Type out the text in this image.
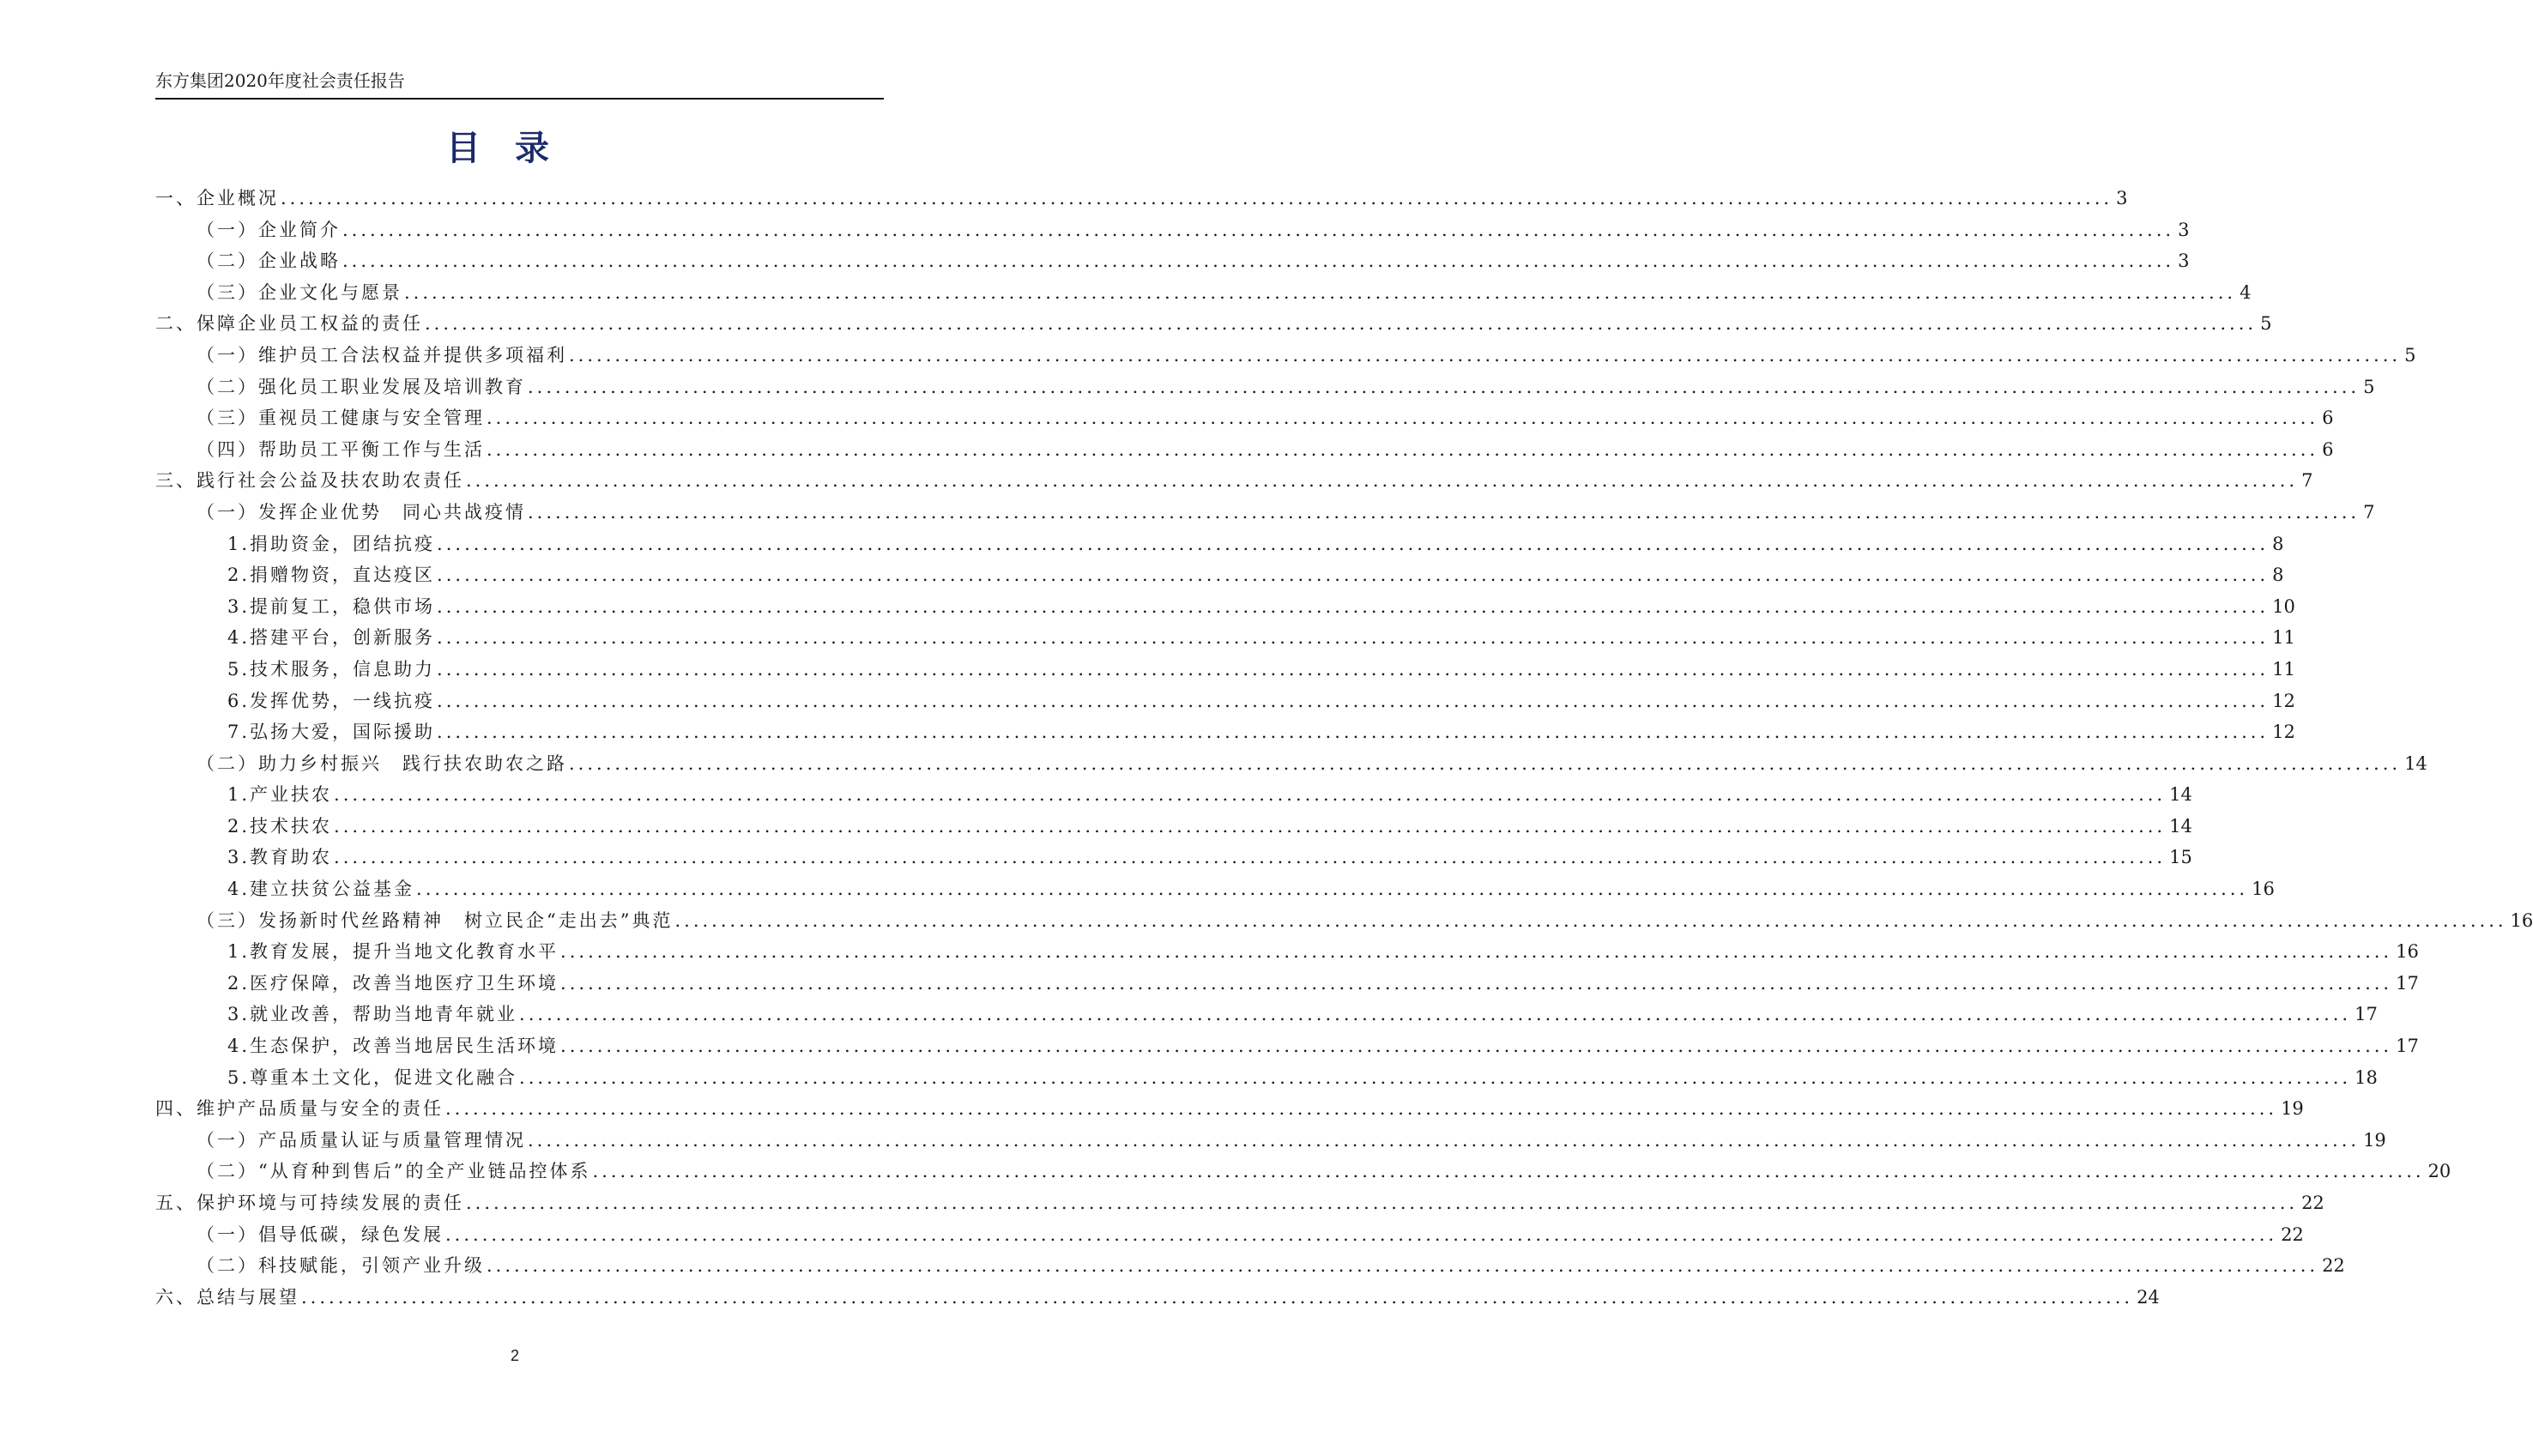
东方集团2020年度社会责任报告
目录
一、企业概况 ........................................................................................................................................................................................................ 3
（一）企业简介 ........................................................................................................................................................................................................ 3
（二）企业战略 ........................................................................................................................................................................................................ 3
（三）企业文化与愿景 ........................................................................................................................................................................................................ 4
二、保障企业员工权益的责任 ........................................................................................................................................................................................................ 5
（一）维护员工合法权益并提供多项福利 ........................................................................................................................................................................................................ 5
（二）强化员工职业发展及培训教育 ........................................................................................................................................................................................................ 5
（三）重视员工健康与安全管理 ........................................................................................................................................................................................................ 6
（四）帮助员工平衡工作与生活 ........................................................................................................................................................................................................ 6
三、践行社会公益及扶农助农责任 ........................................................................................................................................................................................................ 7
（一）发挥企业优势　同心共战疫情 ........................................................................................................................................................................................................ 7
1.捐助资金，团结抗疫 ........................................................................................................................................................................................................ 8
2.捐赠物资，直达疫区 ........................................................................................................................................................................................................ 8
3.提前复工，稳供市场 ........................................................................................................................................................................................................ 10
4.搭建平台，创新服务 ........................................................................................................................................................................................................ 11
5.技术服务，信息助力 ........................................................................................................................................................................................................ 11
6.发挥优势，一线抗疫 ........................................................................................................................................................................................................ 12
7.弘扬大爱，国际援助 ........................................................................................................................................................................................................ 12
（二）助力乡村振兴　践行扶农助农之路 ........................................................................................................................................................................................................ 14
1.产业扶农 ........................................................................................................................................................................................................ 14
2.技术扶农 ........................................................................................................................................................................................................ 14
3.教育助农 ........................................................................................................................................................................................................ 15
4.建立扶贫公益基金 ........................................................................................................................................................................................................ 16
（三）发扬新时代丝路精神　树立民企“走出去”典范 ........................................................................................................................................................................................................ 16
1.教育发展，提升当地文化教育水平 ........................................................................................................................................................................................................ 16
2.医疗保障，改善当地医疗卫生环境 ........................................................................................................................................................................................................ 17
3.就业改善，帮助当地青年就业 ........................................................................................................................................................................................................ 17
4.生态保护，改善当地居民生活环境 ........................................................................................................................................................................................................ 17
5.尊重本土文化，促进文化融合 ........................................................................................................................................................................................................ 18
四、维护产品质量与安全的责任 ........................................................................................................................................................................................................ 19
（一）产品质量认证与质量管理情况 ........................................................................................................................................................................................................ 19
（二）“从育种到售后”的全产业链品控体系 ........................................................................................................................................................................................................ 20
五、保护环境与可持续发展的责任 ........................................................................................................................................................................................................ 22
（一）倡导低碳，绿色发展 ........................................................................................................................................................................................................ 22
（二）科技赋能，引领产业升级 ........................................................................................................................................................................................................ 22
六、总结与展望 ........................................................................................................................................................................................................ 24
2
